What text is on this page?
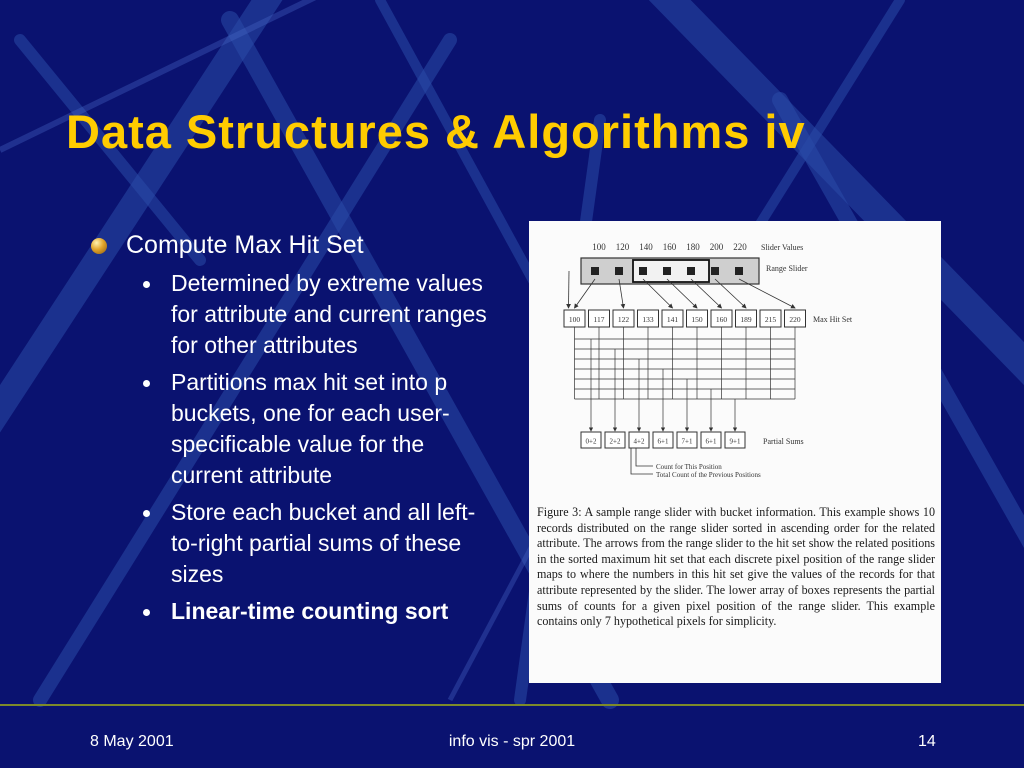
Data Structures & Algorithms iv
Compute Max Hit Set
Determined by extreme values for attribute and current ranges for other attributes
Partitions max hit set into p buckets, one for each user-specificable value for the current attribute
Store each bucket and all left-to-right partial sums of these sizes
Linear-time counting sort
100 120 140 160 180 200 220 Slider Values
Range Slider
100 117 122 133 141 150 160 189 215 220 Max Hit Set
0+2 2+2 4+2 6+1 7+1 6+1 9+1	Partial Sums
Count for This Position
Total Count of the Previous Positions

Figure 3: A sample range slider with bucket information. This example shows 10 records distributed on the range slider sorted in ascending order for the related attribute. The arrows from the range slider to the hit set show the related positions in the sorted maximum hit set that each discrete pixel position of the range slider maps to where the numbers in this hit set give the values of the records for that attribute represented by the slider. The lower array of boxes represents the partial sums of counts for a given pixel position of the range slider. This example contains only 7 hypothetical pixels for simplicity.

8 May 2001	info vis - spr 2001	14
